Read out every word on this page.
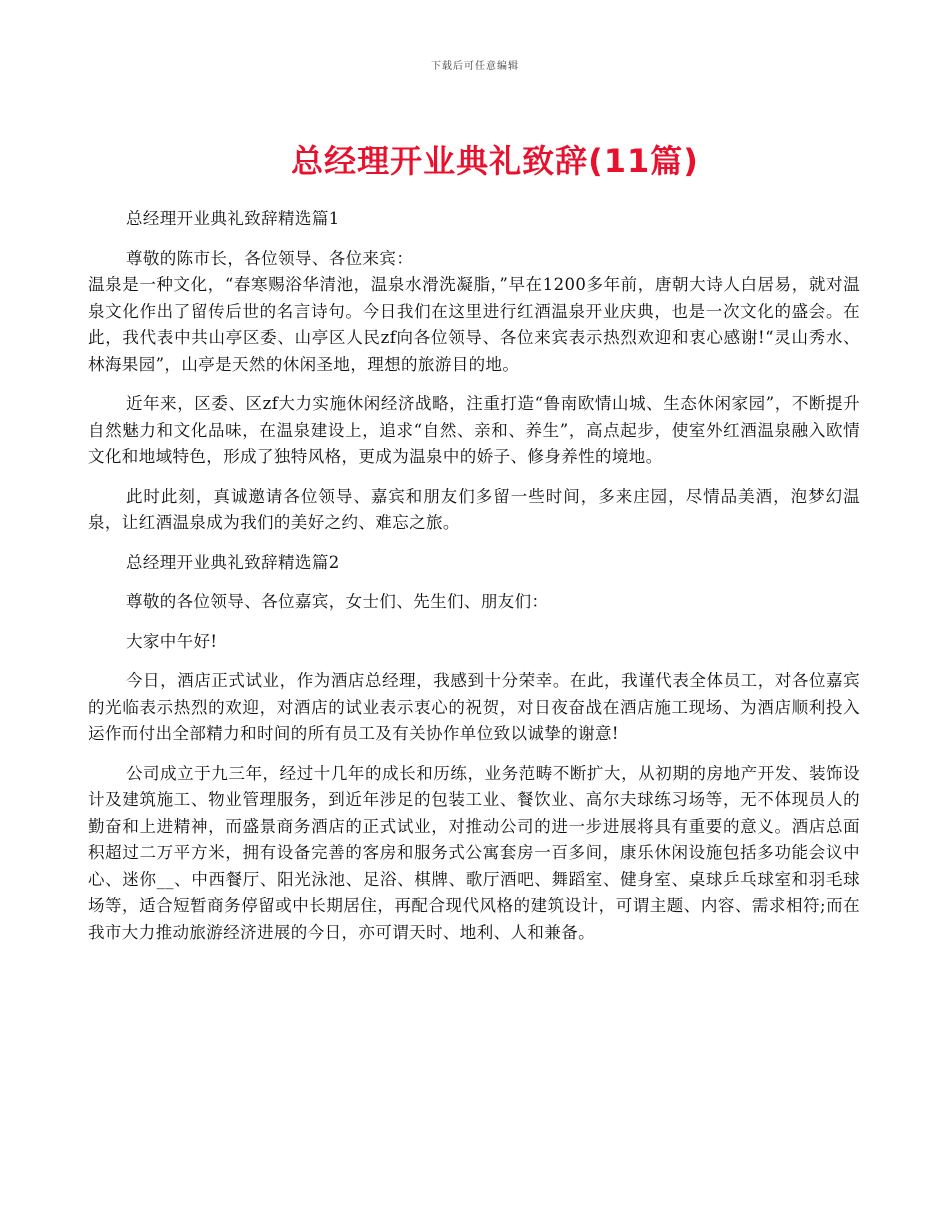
下载后可任意编辑
总经理开业典礼致辞(11篇)

总经理开业典礼致辞精选篇1

尊敬的陈市长，各位领导、各位来宾：

温泉是一种文化，“春寒赐浴华清池，温泉水滑洗凝脂，”早在1200多年前，唐朝大诗人白居易，就对温泉文化作出了留传后世的名言诗句。今日我们在这里进行红酒温泉开业庆典，也是一次文化的盛会。在此，我代表中共山亭区委、山亭区人民zf向各位领导、各位来宾表示热烈欢迎和衷心感谢!“灵山秀水、林海果园”，山亭是天然的休闲圣地，理想的旅游目的地。

近年来，区委、区zf大力实施休闲经济战略，注重打造“鲁南欧情山城、生态休闲家园”，不断提升自然魅力和文化品味，在温泉建设上，追求“自然、亲和、养生”，高点起步，使室外红酒温泉融入欧情文化和地域特色，形成了独特风格，更成为温泉中的娇子、修身养性的境地。

此时此刻，真诚邀请各位领导、嘉宾和朋友们多留一些时间，多来庄园，尽情品美酒，泡梦幻温泉，让红酒温泉成为我们的美好之约、难忘之旅。

总经理开业典礼致辞精选篇2

尊敬的各位领导、各位嘉宾，女士们、先生们、朋友们：

大家中午好!

今日，酒店正式试业，作为酒店总经理，我感到十分荣幸。在此，我谨代表全体员工，对各位嘉宾的光临表示热烈的欢迎，对酒店的试业表示衷心的祝贺，对日夜奋战在酒店施工现场、为酒店顺利投入运作而付出全部精力和时间的所有员工及有关协作单位致以诚挚的谢意!

公司成立于九三年，经过十几年的成长和历练，业务范畴不断扩大，从初期的房地产开发、装饰设计及建筑施工、物业管理服务，到近年涉足的包装工业、餐饮业、高尔夫球练习场等，无不体现员人的勤奋和上进精神，而盛景商务酒店的正式试业，对推动公司的进一步进展将具有重要的意义。酒店总面积超过二万平方米，拥有设备完善的客房和服务式公寓套房一百多间，康乐休闲设施包括多功能会议中心、迷你__、中西餐厅、阳光泳池、足浴、棋牌、歌厅酒吧、舞蹈室、健身室、桌球乒乓球室和羽毛球场等，适合短暂商务停留或中长期居住，再配合现代风格的建筑设计，可谓主题、内容、需求相符;而在我市大力推动旅游经济进展的今日，亦可谓天时、地利、人和兼备。
